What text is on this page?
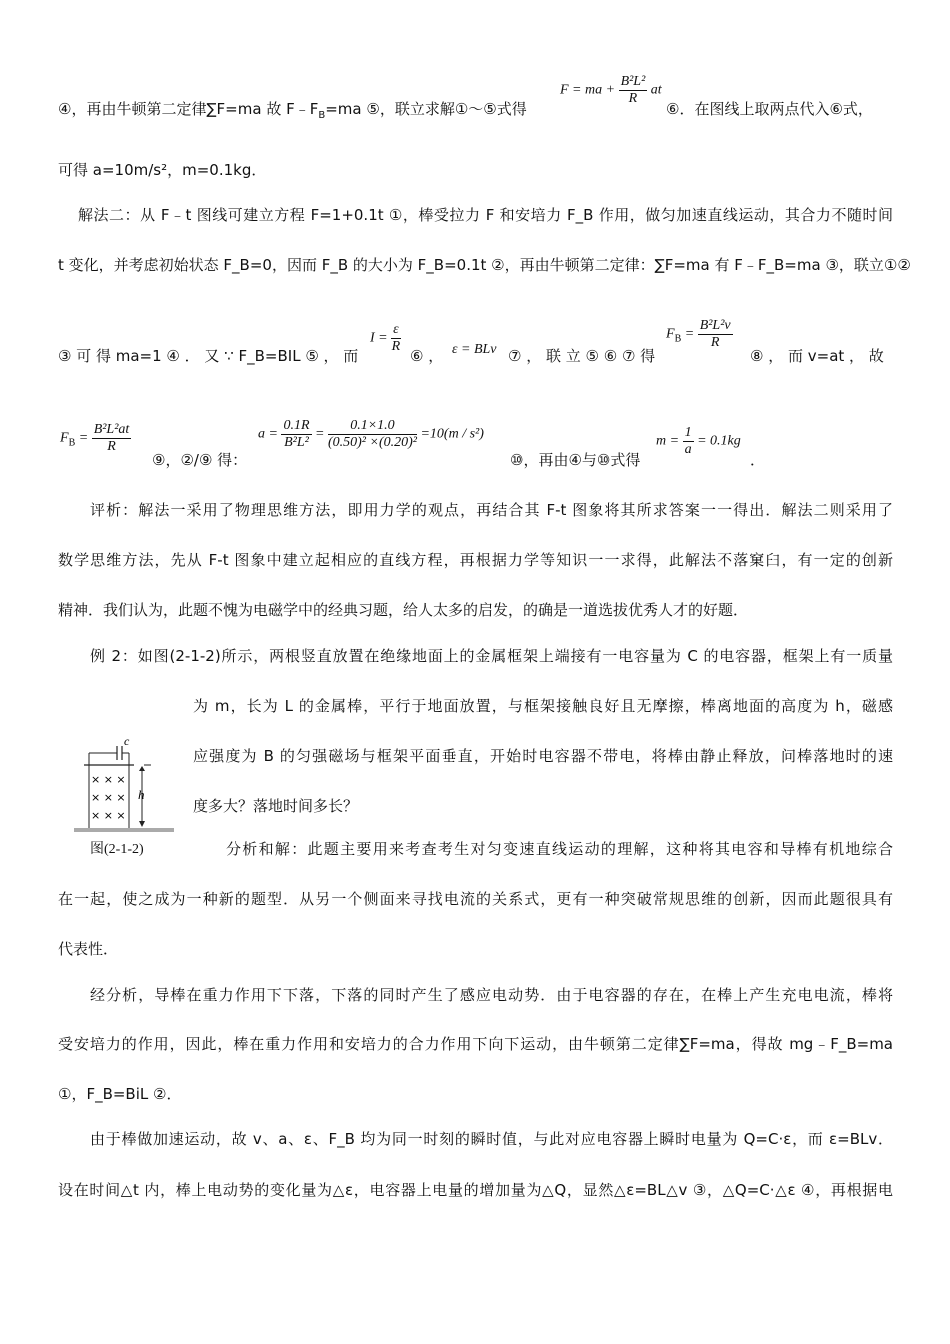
④，再由牛顿第二定律∑F=ma 故 $F﹣F_B=ma$ ⑤，联立求解①～⑤式得
F = ma + $\frac{\text{B²L²}}{R}$ at
⑥．在图线上取两点代入⑥式，
可得 a=10m/s²，m=0.1kg．
解法二：从 F﹣t 图线可建立方程 F=1+0.1t ①，棒受拉力 F 和安培力 F_B 作用，做匀加速直线运动，其合力不随时间
t 变化，并考虑初始状态 F_B=0，因而 F_B 的大小为 F_B=0.1t ②，再由牛顿第二定律：∑F=ma 有 F﹣F_B=ma ③，联立①②
③ 可 得 ma=1 ④ ． 又 ∵ F_B=BIL ⑤ ， 而
$I = \frac{\varepsilon}{R}$
⑥ ， ε = BLv ⑦ ， 联 立 ⑤ ⑥ ⑦ 得
$F_B = \frac{\text{B²L²v}}{R}$
⑧ ， 而 v=at ， 故
$F_B = \frac{\text{B²L²at}}{R}$
⑨，②/⑨ 得：
$a = \frac{0.1R}{\text{B²L²}} = \frac{0.1\times 1.0}{\text{(0.50)² ×(0.20)²}} =10(m / s^2)$
⑩，再由④与⑩式得
$m = \frac{1}{a} = 0.1kg$
．
评析：解法一采用了物理思维方法，即用力学的观点，再结合其 F-t 图象将其所求答案一一得出．解法二则采用了
数学思维方法，先从 F-t 图象中建立起相应的直线方程，再根据力学等知识一一求得，此解法不落窠臼，有一定的创新
精神．我们认为，此题不愧为电磁学中的经典习题，给人太多的启发，的确是一道选拔优秀人才的好题．
例 2：如图(2-1-2)所示，两根竖直放置在绝缘地面上的金属框架上端接有一电容量为 C 的电容器，框架上有一质量
为 m，长为 L 的金属棒，平行于地面放置，与框架接触良好且无摩擦，棒离地面的高度为 h，磁感
应强度为 B 的匀强磁场与框架平面垂直，开始时电容器不带电，将棒由静止释放，问棒落地时的速
度多大？落地时间多长？
c
× × ×
× × ×
× × ×
h
图(2-1-2)	分析和解：此题主要用来考查考生对匀变速直线运动的理解，这种将其电容和导棒有机地综合
在一起，使之成为一种新的题型．从另一个侧面来寻找电流的关系式，更有一种突破常规思维的创新，因而此题很具有
代表性．
经分析，导棒在重力作用下下落，下落的同时产生了感应电动势．由于电容器的存在，在棒上产生充电电流，棒将
受安培力的作用，因此，棒在重力作用和安培力的合力作用下向下运动，由牛顿第二定律∑F=ma，得故 mg﹣F_B=ma
①，F_B=BiL ②．
由于棒做加速运动，故 v、a、ε、F_B 均为同一时刻的瞬时值，与此对应电容器上瞬时电量为 Q=C·ε，而 ε=BLv．
设在时间△t 内，棒上电动势的变化量为△ε，电容器上电量的增加量为△Q，显然△ε=BL△v ③，△Q=C·△ε ④，再根据电
